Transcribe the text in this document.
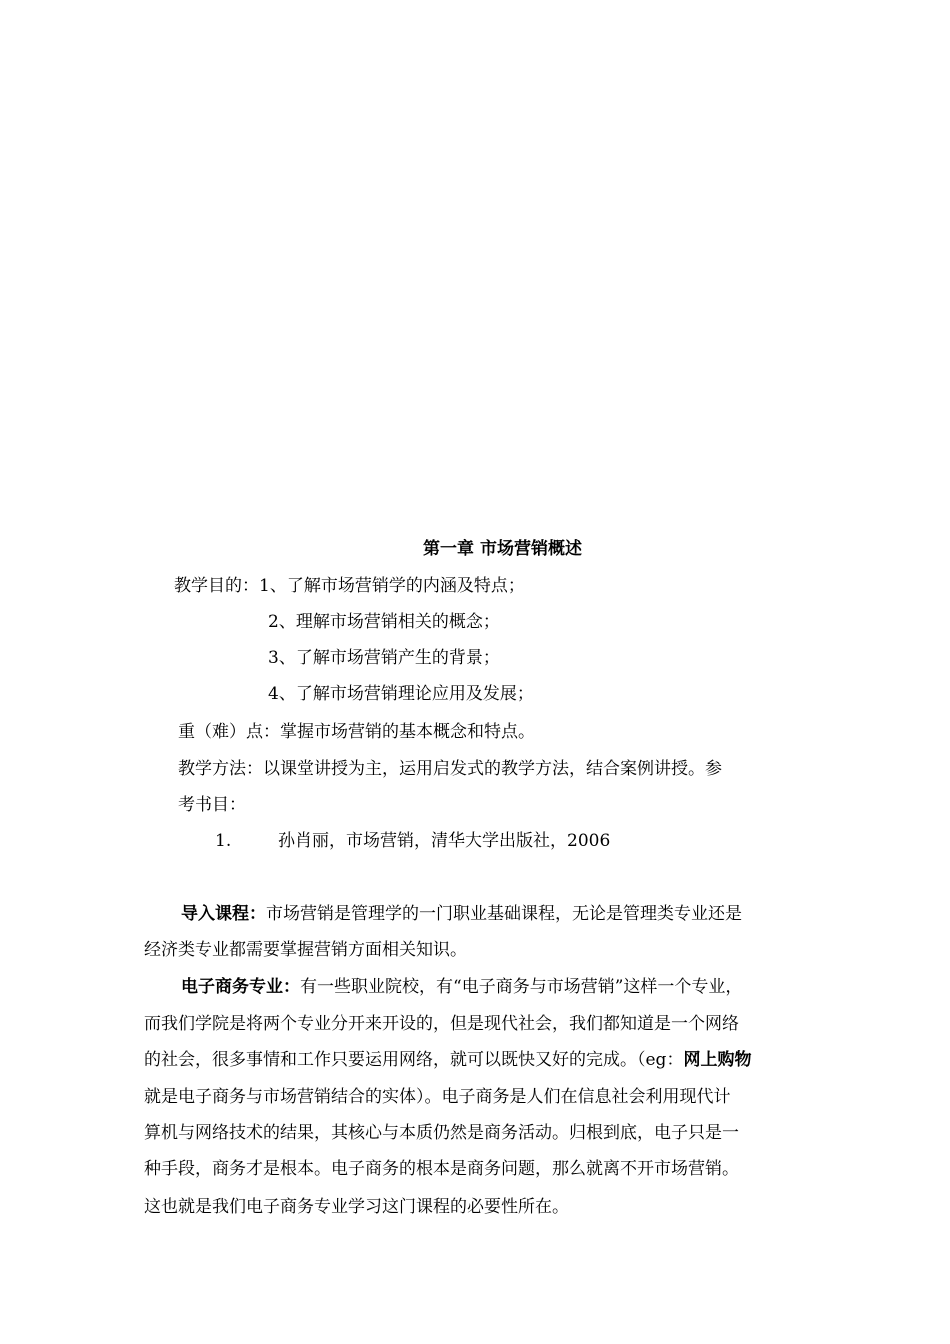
第一章 市场营销概述
教学目的：1、了解市场营销学的内涵及特点；
2、理解市场营销相关的概念；
3、了解市场营销产生的背景；
4、了解市场营销理论应用及发展；
重（难）点：掌握市场营销的基本概念和特点。
教学方法：以课堂讲授为主，运用启发式的教学方法，结合案例讲授。参
考书目：
1.	孙肖丽，市场营销，清华大学出版社，2006
导入课程：市场营销是管理学的一门职业基础课程，无论是管理类专业还是
经济类专业都需要掌握营销方面相关知识。
电子商务专业：有一些职业院校，有“电子商务与市场营销”这样一个专业，
而我们学院是将两个专业分开来开设的，但是现代社会，我们都知道是一个网络
的社会，很多事情和工作只要运用网络，就可以既快又好的完成。（eg：网上购物
就是电子商务与市场营销结合的实体）。电子商务是人们在信息社会利用现代计
算机与网络技术的结果，其核心与本质仍然是商务活动。归根到底，电子只是一
种手段，商务才是根本。电子商务的根本是商务问题，那么就离不开市场营销。
这也就是我们电子商务专业学习这门课程的必要性所在。
